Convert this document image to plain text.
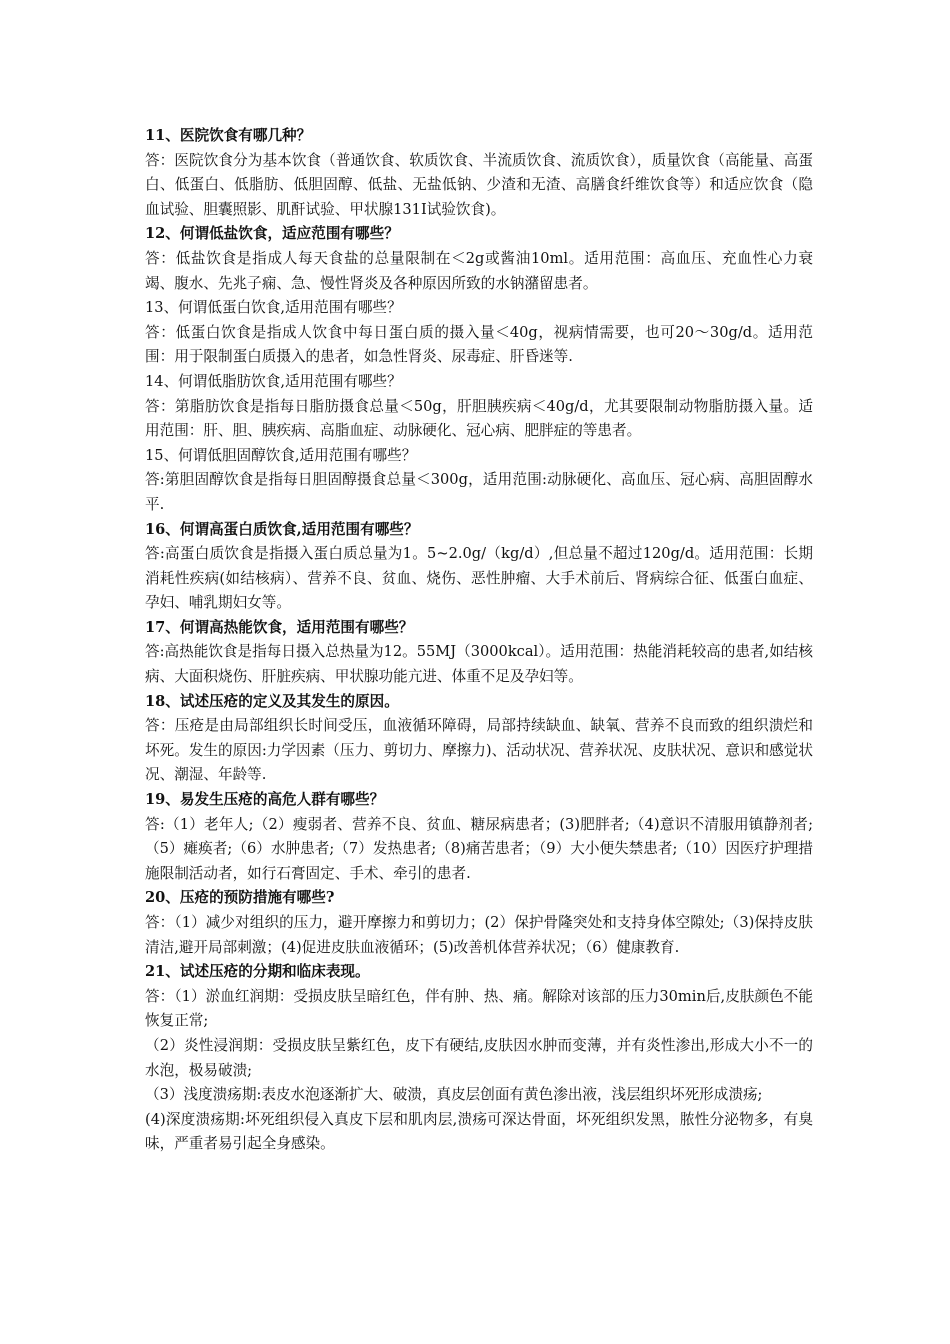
11、医院饮食有哪几种？

答：医院饮食分为基本饮食（普通饮食、软质饮食、半流质饮食、流质饮食），质量饮食（高能量、高蛋白、低蛋白、低脂肪、低胆固醇、低盐、无盐低钠、少渣和无渣、高膳食纤维饮食等）和适应饮食（隐血试验、胆囊照影、肌酐试验、甲状腺131I试验饮食)。

12、何谓低盐饮食，适应范围有哪些？

答：低盐饮食是指成人每天食盐的总量限制在＜2g或酱油10ml。适用范围：高血压、充血性心力衰竭、腹水、先兆子痫、急、慢性肾炎及各种原因所致的水钠潴留患者。

13、何谓低蛋白饮食,适用范围有哪些？

答：低蛋白饮食是指成人饮食中每日蛋白质的摄入量＜40g，视病情需要，也可20～30g/d。适用范围：用于限制蛋白质摄入的患者，如急性肾炎、尿毒症、肝昏迷等.

14、何谓低脂肪饮食,适用范围有哪些？

答：第脂肪饮食是指每日脂肪摄食总量＜50g，肝胆胰疾病＜40g/d，尤其要限制动物脂肪摄入量。适用范围：肝、胆、胰疾病、高脂血症、动脉硬化、冠心病、肥胖症的等患者。

15、何谓低胆固醇饮食,适用范围有哪些？

答:第胆固醇饮食是指每日胆固醇摄食总量＜300g，适用范围:动脉硬化、高血压、冠心病、高胆固醇水平.

16、何谓高蛋白质饮食,适用范围有哪些？

答:高蛋白质饮食是指摄入蛋白质总量为1。5~2.0g/（kg/d）,但总量不超过120g/d。适用范围：长期消耗性疾病(如结核病）、营养不良、贫血、烧伤、恶性肿瘤、大手术前后、肾病综合征、低蛋白血症、孕妇、哺乳期妇女等。

17、何谓高热能饮食，适用范围有哪些？

答:高热能饮食是指每日摄入总热量为12。55MJ（3000kcal）。适用范围：热能消耗较高的患者,如结核病、大面积烧伤、肝脏疾病、甲状腺功能亢进、体重不足及孕妇等。

18、试述压疮的定义及其发生的原因。

答：压疮是由局部组织长时间受压，血液循环障碍，局部持续缺血、缺氧、营养不良而致的组织溃烂和坏死。发生的原因:力学因素（压力、剪切力、摩擦力)、活动状况、营养状况、皮肤状况、意识和感觉状况、潮湿、年龄等.

19、易发生压疮的高危人群有哪些？

答:（1）老年人;（2）瘦弱者、营养不良、贫血、糖尿病患者；(3)肥胖者;（4)意识不清服用镇静剂者;（5）瘫痪者;（6）水肿患者;（7）发热患者;（8)痛苦患者；（9）大小便失禁患者;（10）因医疗护理措施限制活动者，如行石膏固定、手术、牵引的患者.

20、压疮的预防措施有哪些?

答：（1）减少对组织的压力，避开摩擦力和剪切力；(2）保护骨隆突处和支持身体空隙处;（3)保持皮肤清洁,避开局部刺激；(4)促进皮肤血液循环；(5)改善机体营养状况；（6）健康教育.

21、试述压疮的分期和临床表现。

答：（1）淤血红润期：受损皮肤呈暗红色，伴有肿、热、痛。解除对该部的压力30min后,皮肤颜色不能恢复正常;

（2）炎性浸润期：受损皮肤呈紫红色，皮下有硬结,皮肤因水肿而变薄，并有炎性渗出,形成大小不一的水泡，极易破溃;

（3）浅度溃疡期:表皮水泡逐渐扩大、破溃，真皮层创面有黄色渗出液，浅层组织坏死形成溃疡;

(4)深度溃疡期:坏死组织侵入真皮下层和肌肉层,溃疡可深达骨面，坏死组织发黑，脓性分泌物多，有臭味，严重者易引起全身感染。
